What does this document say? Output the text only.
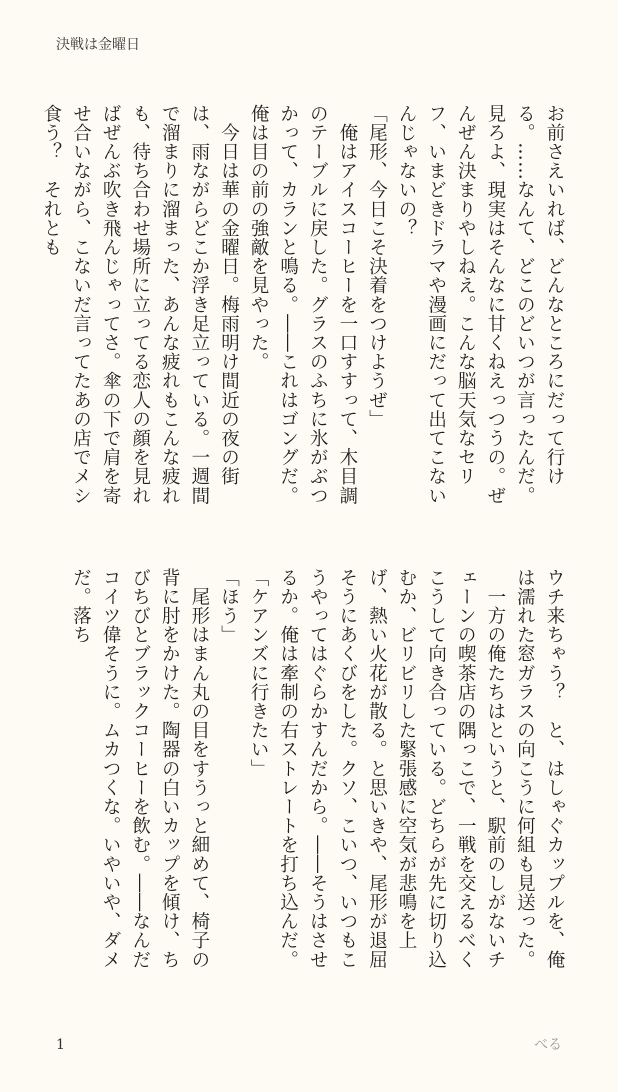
決戦は金曜日

お前さえいれば、どんなところにだって行ける。……なんて、どこのどいつが言ったんだ。見ろよ、現実はそんなに甘くねえっつうの。ぜんぜん決まりやしねえ。こんな脳天気なセリフ、いまどきドラマや漫画にだって出てこないんじゃないの？

「尾形、今日こそ決着をつけようぜ」

　俺はアイスコーヒーを一口すすって、木目調のテーブルに戻した。グラスのふちに氷がぶつかって、カランと鳴る。――これはゴングだ。俺は目の前の強敵を見やった。

　今日は華の金曜日。梅雨明け間近の夜の街は、雨ながらどこか浮き足立っている。一週間で溜まりに溜まった、あんな疲れもこんな疲れも、待ち合わせ場所に立ってる恋人の顔を見ればぜんぶ吹き飛んじゃってさ。傘の下で肩を寄せ合いながら、こないだ言ってたあの店でメシ食う？　それとも

ウチ来ちゃう？　と、はしゃぐカップルを、俺は濡れた窓ガラスの向こうに何組も見送った。

　一方の俺たちはというと、駅前のしがないチェーンの喫茶店の隅っこで、一戦を交えるべくこうして向き合っている。どちらが先に切り込むか、ビリビリした緊張感に空気が悲鳴を上げ、熱い火花が散る。と思いきや、尾形が退屈そうにあくびをした。クソ、こいつ、いつもこうやってはぐらかすんだから。――そうはさせるか。俺は牽制の右ストレートを打ち込んだ。

「ケアンズに行きたい」

「ほう」

　尾形はまん丸の目をすうっと細めて、椅子の背に肘をかけた。陶器の白いカップを傾け、ちびちびとブラックコーヒーを飲む。――なんだコイツ偉そうに。ムカつくな。いやいや、ダメだ。落ち

1	べる
